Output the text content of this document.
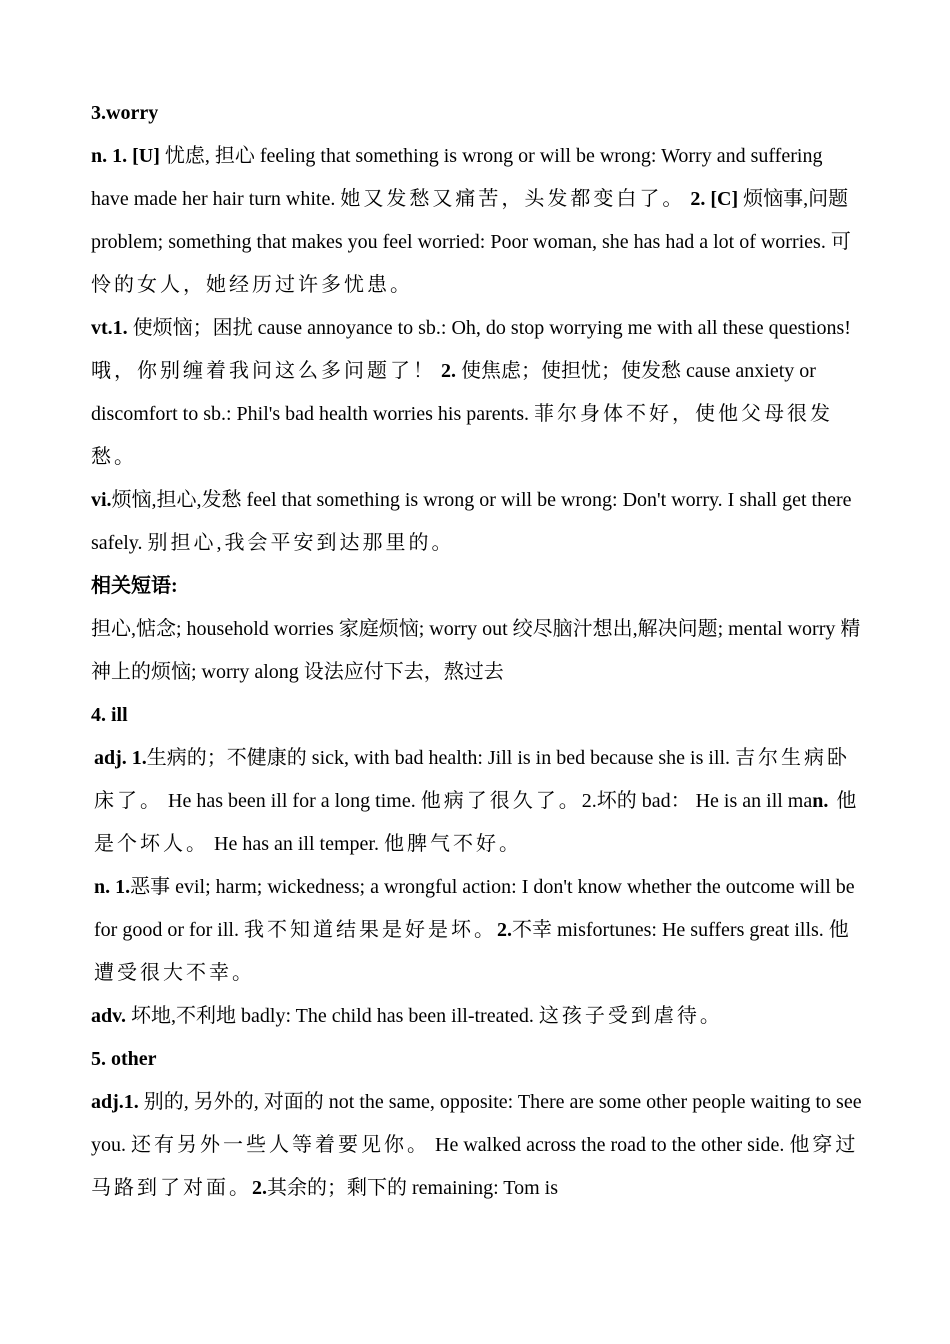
3.worry

n. 1. [U] 忧虑, 担心 feeling that something is wrong or will be wrong: Worry and suffering have made her hair turn white. 她又发愁又痛苦，头发都变白了。 2. [C] 烦恼事,问题 problem; something that makes you feel worried: Poor woman, she has had a lot of worries. 可怜的女人，她经历过许多忧患。

vt.1. 使烦恼；困扰 cause annoyance to sb.: Oh, do stop worrying me with all these questions! 哦，你别缠着我问这么多问题了！ 2. 使焦虑；使担忧；使发愁 cause anxiety or discomfort to sb.: Phil's bad health worries his parents. 菲尔身体不好，使他父母很发愁。

vi.烦恼,担心,发愁 feel that something is wrong or will be wrong: Don't worry. I shall get there safely. 别担心,我会平安到达那里的。

相关短语:

担心,惦念; household worries 家庭烦恼; worry out 绞尽脑汁想出,解决问题; mental worry 精神上的烦恼; worry along 设法应付下去，熬过去

4. ill

adj. 1.生病的；不健康的 sick, with bad health: Jill is in bed because she is ill. 吉尔生病卧床了。 He has been ill for a long time. 他病了很久了。2.坏的 bad： He is an ill man. 他是个坏人。 He has an ill temper. 他脾气不好。

n. 1.恶事 evil; harm; wickedness; a wrongful action: I don't know whether the outcome will be for good or for ill. 我不知道结果是好是坏。2.不幸 misfortunes: He suffers great ills. 他遭受很大不幸。

adv. 坏地,不利地 badly: The child has been ill-treated. 这孩子受到虐待。

5. other

adj.1. 别的, 另外的, 对面的 not the same, opposite: There are some other people waiting to see you. 还有另外一些人等着要见你。 He walked across the road to the other side. 他穿过马路到了对面。2.其余的；剩下的 remaining: Tom is
